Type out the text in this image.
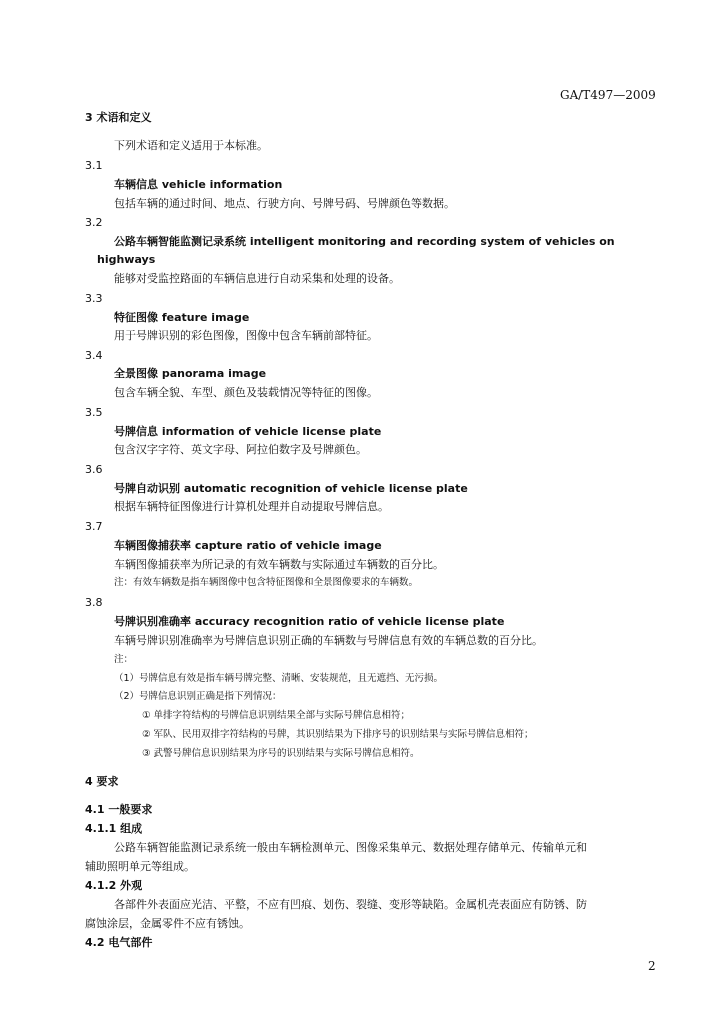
GA/T497—2009
3 术语和定义
下列术语和定义适用于本标准。
3.1
车辆信息 vehicle information
包括车辆的通过时间、地点、行驶方向、号牌号码、号牌颜色等数据。
3.2
公路车辆智能监测记录系统 intelligent monitoring and recording system of vehicles on
highways
能够对受监控路面的车辆信息进行自动采集和处理的设备。
3.3
特征图像 feature image
用于号牌识别的彩色图像，图像中包含车辆前部特征。
3.4
全景图像 panorama image
包含车辆全貌、车型、颜色及装载情况等特征的图像。
3.5
号牌信息 information of vehicle license plate
包含汉字字符、英文字母、阿拉伯数字及号牌颜色。
3.6
号牌自动识别 automatic recognition of vehicle license plate
根据车辆特征图像进行计算机处理并自动提取号牌信息。
3.7
车辆图像捕获率 capture ratio of vehicle image
车辆图像捕获率为所记录的有效车辆数与实际通过车辆数的百分比。
注：有效车辆数是指车辆图像中包含特征图像和全景图像要求的车辆数。
3.8
号牌识别准确率 accuracy recognition ratio of vehicle license plate
车辆号牌识别准确率为号牌信息识别正确的车辆数与号牌信息有效的车辆总数的百分比。
注：
（1）号牌信息有效是指车辆号牌完整、清晰、安装规范，且无遮挡、无污损。
（2）号牌信息识别正确是指下列情况：
① 单排字符结构的号牌信息识别结果全部与实际号牌信息相符；
② 军队、民用双排字符结构的号牌，其识别结果为下排序号的识别结果与实际号牌信息相符；
③ 武警号牌信息识别结果为序号的识别结果与实际号牌信息相符。
4 要求
4.1 一般要求
4.1.1 组成
公路车辆智能监测记录系统一般由车辆检测单元、图像采集单元、数据处理存储单元、传输单元和
辅助照明单元等组成。
4.1.2 外观
各部件外表面应光洁、平整，不应有凹痕、划伤、裂缝、变形等缺陷。金属机壳表面应有防锈、防
腐蚀涂层，金属零件不应有锈蚀。
4.2 电气部件
2
